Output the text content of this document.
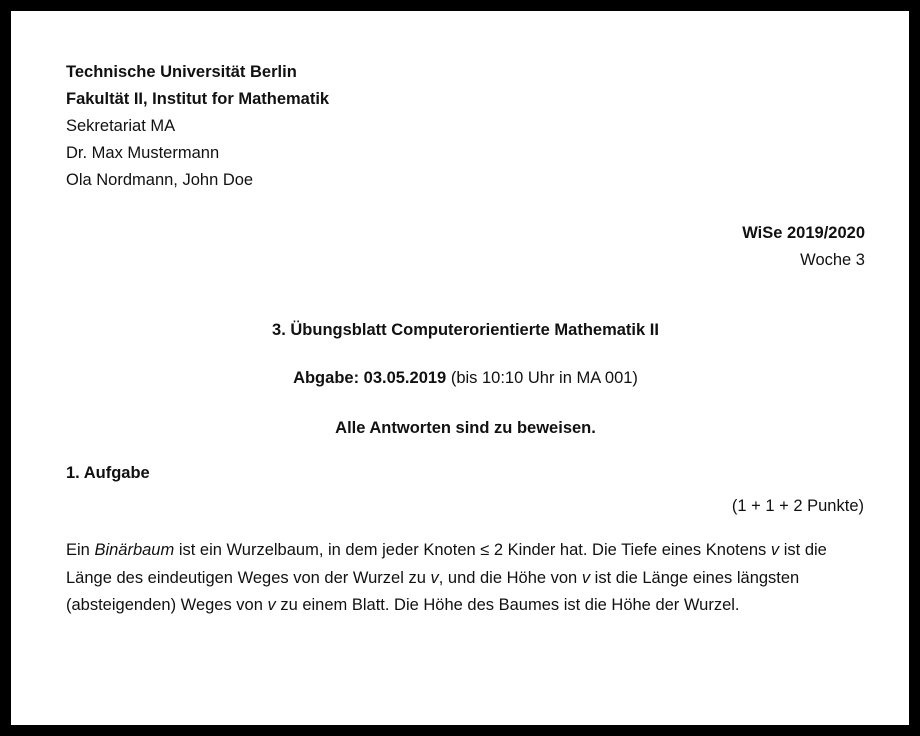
Technische Universität Berlin
Fakultät II, Institut for Mathematik
Sekretariat MA
Dr. Max Mustermann
Ola Nordmann, John Doe
WiSe 2019/2020
Woche 3
3. Übungsblatt Computerorientierte Mathematik II
Abgabe: 03.05.2019 (bis 10:10 Uhr in MA 001)
Alle Antworten sind zu beweisen.
1. Aufgabe
(1 + 1 + 2 Punkte)
Ein Binärbaum ist ein Wurzelbaum, in dem jeder Knoten ≤ 2 Kinder hat. Die Tiefe eines Knotens v ist die Länge des eindeutigen Weges von der Wurzel zu v, und die Höhe von v ist die Länge eines längsten (absteigenden) Weges von v zu einem Blatt. Die Höhe des Baumes ist die Höhe der Wurzel.
